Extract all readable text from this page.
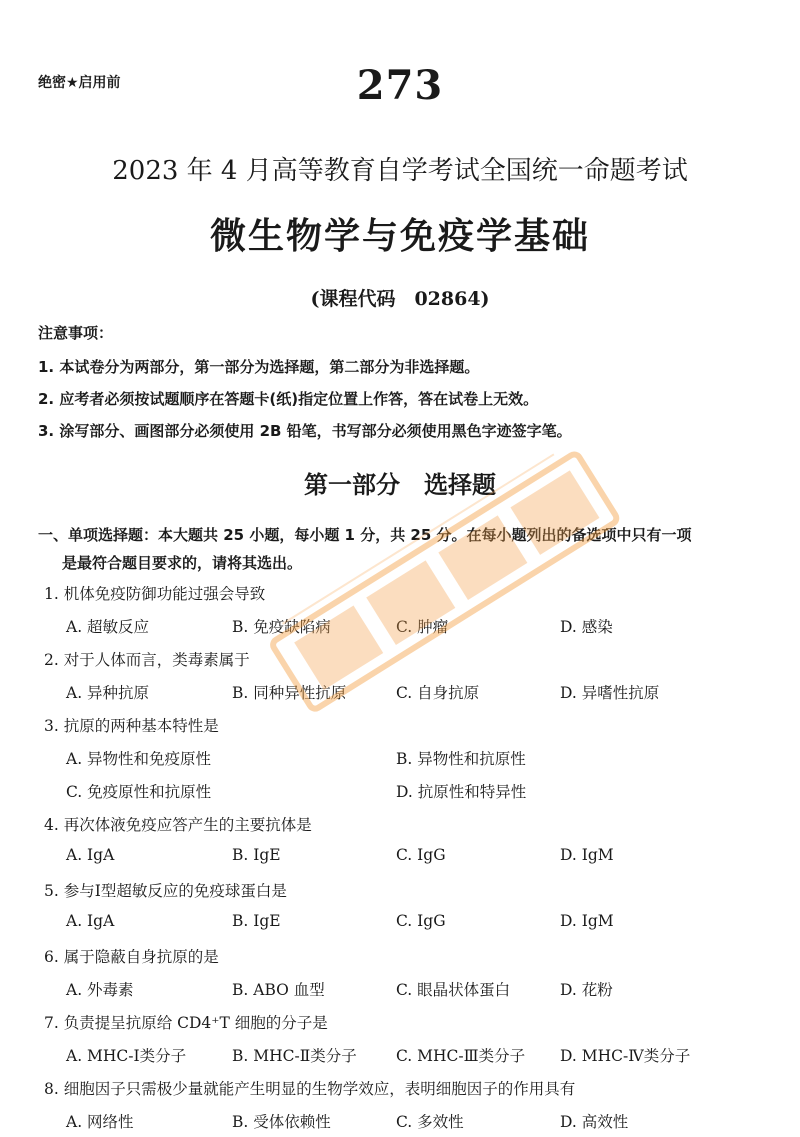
绝密★启用前	273
2023 年 4 月高等教育自学考试全国统一命题考试
微生物学与免疫学基础
(课程代码　02864)
注意事项：
1. 本试卷分为两部分，第一部分为选择题，第二部分为非选择题。
2. 应考者必须按试题顺序在答题卡(纸)指定位置上作答，答在试卷上无效。
3. 涂写部分、画图部分必须使用 2B 铅笔，书写部分必须使用黑色字迹签字笔。
第一部分　选择题
一、单项选择题：本大题共 25 小题，每小题 1 分，共 25 分。在每小题列出的备选项中只有一项
是最符合题目要求的，请将其选出。
1. 机体免疫防御功能过强会导致
A. 超敏反应	B. 免疫缺陷病	C. 肿瘤	D. 感染
2. 对于人体而言，类毒素属于
A. 异种抗原	B. 同种异性抗原	C. 自身抗原	D. 异嗜性抗原
3. 抗原的两种基本特性是
A. 异物性和免疫原性	B. 异物性和抗原性
C. 免疫原性和抗原性	D. 抗原性和特异性
4. 再次体液免疫应答产生的主要抗体是
A. IgA	B. IgE	C. IgG	D. IgM
5. 参与Ⅰ型超敏反应的免疫球蛋白是
A. IgA	B. IgE	C. IgG	D. IgM
6. 属于隐蔽自身抗原的是
A. 外毒素	B. ABO 血型	C. 眼晶状体蛋白	D. 花粉
7. 负责提呈抗原给 CD4⁺T 细胞的分子是
A. MHC-Ⅰ类分子	B. MHC-Ⅱ类分子	C. MHC-Ⅲ类分子 D. MHC-Ⅳ类分子
8. 细胞因子只需极少量就能产生明显的生物学效应，表明细胞因子的作用具有
A. 网络性	B. 受体依赖性	C. 多效性	D. 高效性
